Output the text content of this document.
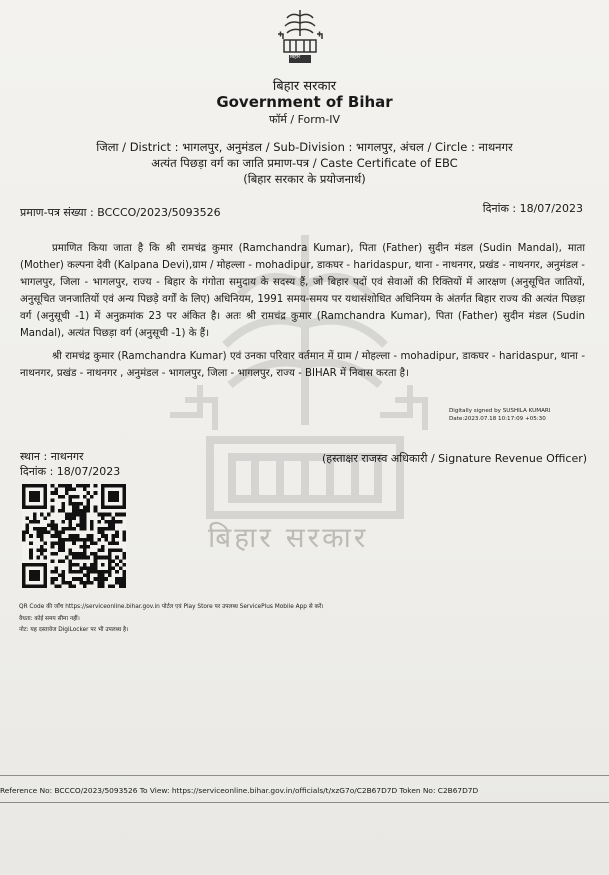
बिहार सरकार
बिहार
बिहार सरकार
Government of Bihar
फॉर्म / Form-IV
जिला / District : भागलपुर, अनुमंडल / Sub-Division : भागलपुर, अंचल / Circle : नाथनगर
अत्यंत पिछड़ा वर्ग का जाति प्रमाण-पत्र / Caste Certificate of EBC
(बिहार सरकार के प्रयोजनार्थ)
प्रमाण-पत्र संख्या : BCCCO/2023/5093526	दिनांक : 18/07/2023
प्रमाणित किया जाता है कि श्री रामचंद्र कुमार (Ramchandra Kumar), पिता (Father) सुदीन मंडल (Sudin Mandal), माता (Mother) कल्पना देवी (Kalpana Devi),ग्राम / मोहल्ला - mohadipur, डाकघर - haridaspur, थाना - नाथनगर, प्रखंड - नाथनगर, अनुमंडल - भागलपुर, जिला - भागलपुर, राज्य - बिहार के गंगोता समुदाय के सदस्य हैं, जो बिहार पदों एवं सेवाओं की रिक्तियों में आरक्षण (अनुसूचित जातियों, अनुसूचित जनजातियों एवं अन्य पिछड़े वर्गों के लिए) अधिनियम, 1991 समय-समय पर यथासंशोधित अधिनियम के अंतर्गत बिहार राज्य की अत्यंत पिछड़ा वर्ग (अनुसूची -1) में अनुक्रमांक 23 पर अंकित है। अतः श्री रामचंद्र कुमार (Ramchandra Kumar), पिता (Father) सुदीन मंडल (Sudin Mandal), अत्यंत पिछड़ा वर्ग (अनुसूची -1) के हैं।
श्री रामचंद्र कुमार (Ramchandra Kumar) एवं उनका परिवार वर्तमान में ग्राम / मोहल्ला - mohadipur, डाकघर - haridaspur, थाना - नाथनगर, प्रखंड - नाथनगर , अनुमंडल - भागलपुर, जिला - भागलपुर, राज्य - BIHAR में निवास करता है।
Digitally signed by SUSHILA KUMARI
Date:2023.07.18 10:17:09 +05:30
स्थान : नाथनगर
दिनांक : 18/07/2023
(हस्ताक्षर राजस्व अधिकारी / Signature Revenue Officer)
QR Code की जाँच https://serviceonline.bihar.gov.in पोर्टल एवं Play Store पर उपलब्ध ServicePlus Mobile App से करें।
वैधता: कोई समय सीमा नहीं।
नोट: यह दस्तावेज DigiLocker पर भी उपलब्ध है।
Reference No: BCCCO/2023/5093526 To View: https://serviceonline.bihar.gov.in/officials/t/xzG7o/C2B67D7D Token No: C2B67D7D
